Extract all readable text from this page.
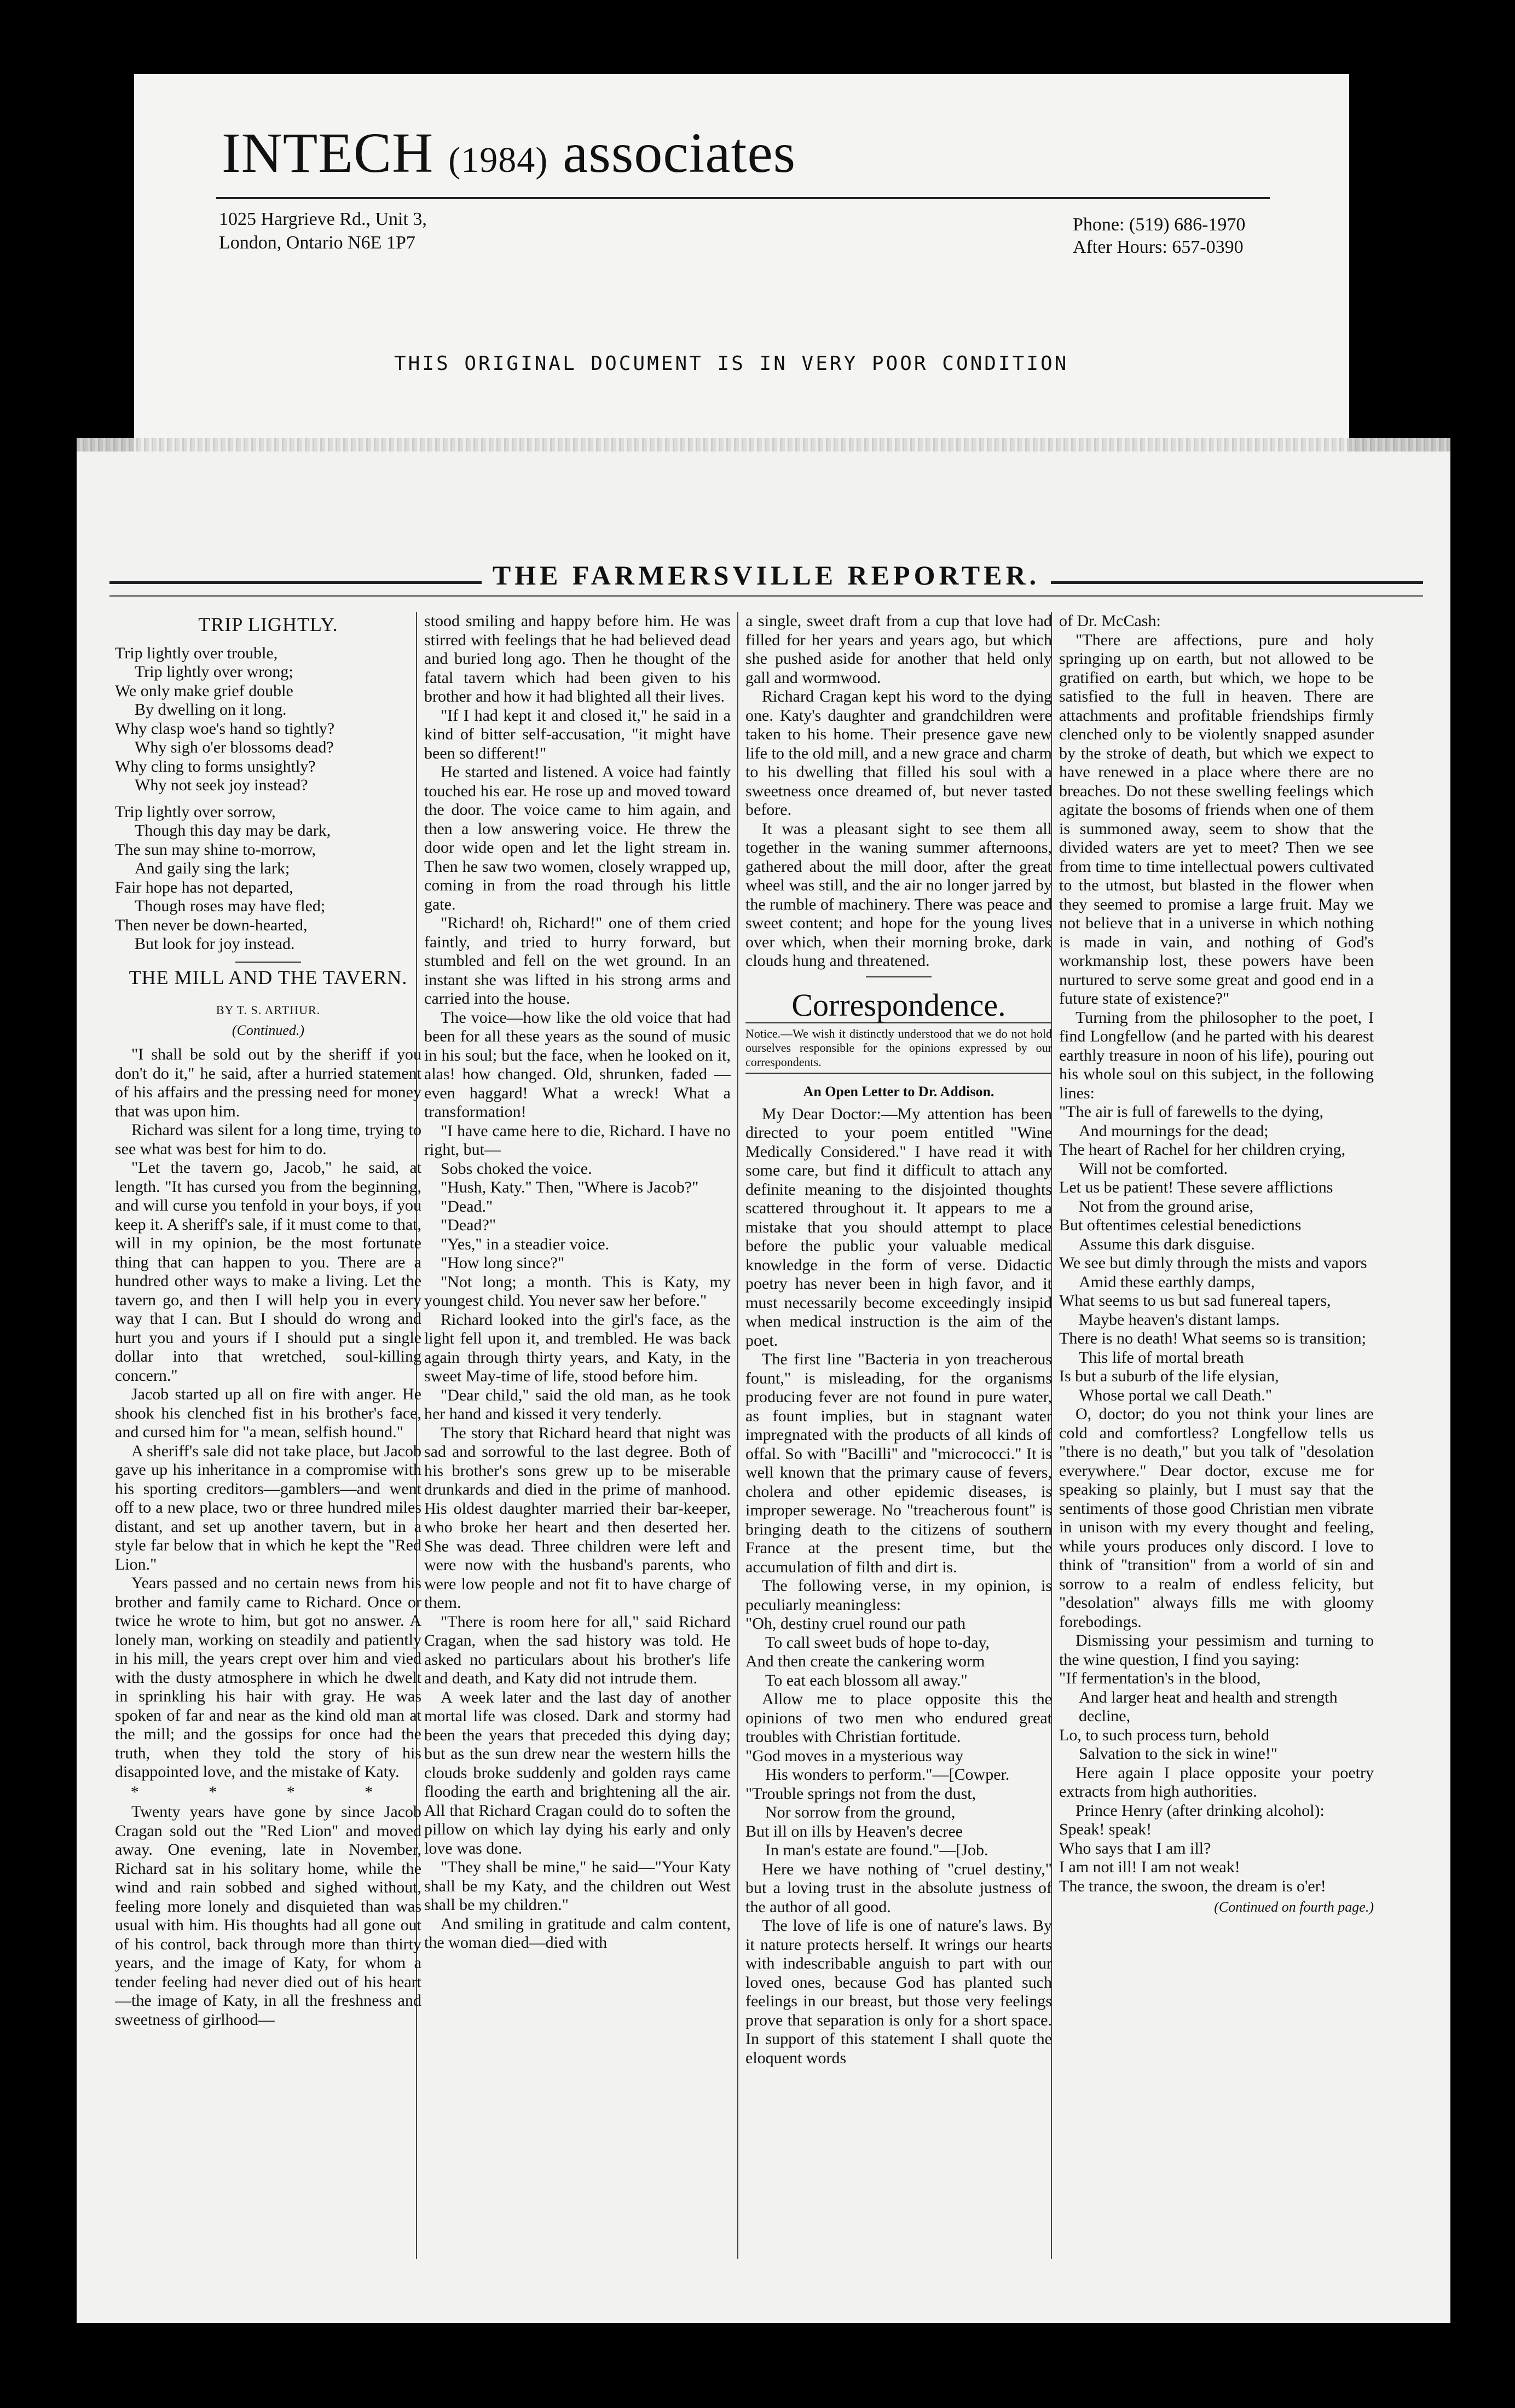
INTECH (1984) associates
1025 Hargrieve Rd., Unit 3,
London, Ontario N6E 1P7
Phone: (519) 686-1970
After Hours: 657-0390
THIS ORIGINAL DOCUMENT IS IN VERY POOR CONDITION
THE FARMERSVILLE REPORTER.
TRIP LIGHTLY.
Trip lightly over trouble,
Trip lightly over wrong;
We only make grief double
By dwelling on it long.
Why clasp woe's hand so tightly?
Why sigh o'er blossoms dead?
Why cling to forms unsightly?
Why not seek joy instead?
Trip lightly over sorrow,
Though this day may be dark,
The sun may shine to-morrow,
And gaily sing the lark;
Fair hope has not departed,
Though roses may have fled;
Then never be down-hearted,
But look for joy instead.
THE MILL AND THE TAVERN.
BY T. S. ARTHUR.
(Continued.)
"I shall be sold out by the sheriff if you don't do it," he said, after a hurried statement of his affairs and the pressing need for money that was upon him.
Richard was silent for a long time, trying to see what was best for him to do.
"Let the tavern go, Jacob," he said, at length. "It has cursed you from the beginning, and will curse you tenfold in your boys, if you keep it. A sheriff's sale, if it must come to that, will in my opinion, be the most fortunate thing that can happen to you. There are a hundred other ways to make a living. Let the tavern go, and then I will help you in every way that I can. But I should do wrong and hurt you and yours if I should put a single dollar into that wretched, soul-killing concern."
Jacob started up all on fire with anger. He shook his clenched fist in his brother's face, and cursed him for "a mean, selfish hound."
A sheriff's sale did not take place, but Jacob gave up his inheritance in a compromise with his sporting creditors—gamblers—and went off to a new place, two or three hundred miles distant, and set up another tavern, but in a style far below that in which he kept the "Red Lion."
Years passed and no certain news from his brother and family came to Richard. Once or twice he wrote to him, but got no answer. A lonely man, working on steadily and patiently in his mill, the years crept over him and vied with the dusty atmosphere in which he dwelt in sprinkling his hair with gray. He was spoken of far and near as the kind old man at the mill; and the gossips for once had the truth, when they told the story of his disappointed love, and the mistake of Katy.
* * * *
Twenty years have gone by since Jacob Cragan sold out the "Red Lion" and moved away. One evening, late in November, Richard sat in his solitary home, while the wind and rain sobbed and sighed without, feeling more lonely and disquieted than was usual with him. His thoughts had all gone out of his control, back through more than thirty years, and the image of Katy, for whom a tender feeling had never died out of his heart—the image of Katy, in all the freshness and sweetness of girlhood—
stood smiling and happy before him. He was stirred with feelings that he had believed dead and buried long ago. Then he thought of the fatal tavern which had been given to his brother and how it had blighted all their lives.
"If I had kept it and closed it," he said in a kind of bitter self-accusation, "it might have been so different!"
He started and listened. A voice had faintly touched his ear. He rose up and moved toward the door. The voice came to him again, and then a low answering voice. He threw the door wide open and let the light stream in. Then he saw two women, closely wrapped up, coming in from the road through his little gate.
"Richard! oh, Richard!" one of them cried faintly, and tried to hurry forward, but stumbled and fell on the wet ground. In an instant she was lifted in his strong arms and carried into the house.
The voice—how like the old voice that had been for all these years as the sound of music in his soul; but the face, when he looked on it, alas! how changed. Old, shrunken, faded —even haggard! What a wreck! What a transformation!
"I have came here to die, Richard. I have no right, but—
Sobs choked the voice.
"Hush, Katy." Then, "Where is Jacob?"
"Dead."
"Dead?"
"Yes," in a steadier voice.
"How long since?"
"Not long; a month. This is Katy, my youngest child. You never saw her before."
Richard looked into the girl's face, as the light fell upon it, and trembled. He was back again through thirty years, and Katy, in the sweet May-time of life, stood before him.
"Dear child," said the old man, as he took her hand and kissed it very tenderly.
The story that Richard heard that night was sad and sorrowful to the last degree. Both of his brother's sons grew up to be miserable drunkards and died in the prime of manhood. His oldest daughter married their bar-keeper, who broke her heart and then deserted her. She was dead. Three children were left and were now with the husband's parents, who were low people and not fit to have charge of them.
"There is room here for all," said Richard Cragan, when the sad history was told. He asked no particulars about his brother's life and death, and Katy did not intrude them.
A week later and the last day of another mortal life was closed. Dark and stormy had been the years that preceded this dying day; but as the sun drew near the western hills the clouds broke suddenly and golden rays came flooding the earth and brightening all the air. All that Richard Cragan could do to soften the pillow on which lay dying his early and only love was done.
"They shall be mine," he said—"Your Katy shall be my Katy, and the children out West shall be my children."
And smiling in gratitude and calm content, the woman died—died with
a single, sweet draft from a cup that love had filled for her years and years ago, but which she pushed aside for another that held only gall and wormwood.
Richard Cragan kept his word to the dying one. Katy's daughter and grandchildren were taken to his home. Their presence gave new life to the old mill, and a new grace and charm to his dwelling that filled his soul with a sweetness once dreamed of, but never tasted before.
It was a pleasant sight to see them all together in the waning summer afternoons, gathered about the mill door, after the great wheel was still, and the air no longer jarred by the rumble of machinery. There was peace and sweet content; and hope for the young lives over which, when their morning broke, dark clouds hung and threatened.
Correspondence.
Notice.—We wish it distinctly understood that we do not hold ourselves responsible for the opinions expressed by our correspondents.
An Open Letter to Dr. Addison.
My Dear Doctor:—My attention has been directed to your poem entitled "Wine Medically Considered." I have read it with some care, but find it difficult to attach any definite meaning to the disjointed thoughts scattered throughout it. It appears to me a mistake that you should attempt to place before the public your valuable medical knowledge in the form of verse. Didactic poetry has never been in high favor, and it must necessarily become exceedingly insipid when medical instruction is the aim of the poet.
The first line "Bacteria in yon treacherous fount," is misleading, for the organisms producing fever are not found in pure water, as fount implies, but in stagnant water impregnated with the products of all kinds of offal. So with "Bacilli" and "micrococci." It is well known that the primary cause of fevers, cholera and other epidemic diseases, is improper sewerage. No "treacherous fount" is bringing death to the citizens of southern France at the present time, but the accumulation of filth and dirt is.
The following verse, in my opinion, is peculiarly meaningless:
"Oh, destiny cruel round our path
To call sweet buds of hope to-day,
And then create the cankering worm
To eat each blossom all away."
Allow me to place opposite this the opinions of two men who endured great troubles with Christian fortitude.
"God moves in a mysterious way
His wonders to perform."—[Cowper.
"Trouble springs not from the dust,
Nor sorrow from the ground,
But ill on ills by Heaven's decree
In man's estate are found."—[Job.
Here we have nothing of "cruel destiny," but a loving trust in the absolute justness of the author of all good.
The love of life is one of nature's laws. By it nature protects herself. It wrings our hearts with indescribable anguish to part with our loved ones, because God has planted such feelings in our breast, but those very feelings prove that separation is only for a short space. In support of this statement I shall quote the eloquent words
of Dr. McCash:
"There are affections, pure and holy springing up on earth, but not allowed to be gratified on earth, but which, we hope to be satisfied to the full in heaven. There are attachments and profitable friendships firmly clenched only to be violently snapped asunder by the stroke of death, but which we expect to have renewed in a place where there are no breaches. Do not these swelling feelings which agitate the bosoms of friends when one of them is summoned away, seem to show that the divided waters are yet to meet? Then we see from time to time intellectual powers cultivated to the utmost, but blasted in the flower when they seemed to promise a large fruit. May we not believe that in a universe in which nothing is made in vain, and nothing of God's workmanship lost, these powers have been nurtured to serve some great and good end in a future state of existence?"
Turning from the philosopher to the poet, I find Longfellow (and he parted with his dearest earthly treasure in noon of his life), pouring out his whole soul on this subject, in the following lines:
"The air is full of farewells to the dying,
And mournings for the dead;
The heart of Rachel for her children crying,
Will not be comforted.
Let us be patient! These severe afflictions
Not from the ground arise,
But oftentimes celestial benedictions
Assume this dark disguise.
We see but dimly through the mists and vapors
Amid these earthly damps,
What seems to us but sad funereal tapers,
Maybe heaven's distant lamps.
There is no death! What seems so is transition;
This life of mortal breath
Is but a suburb of the life elysian,
Whose portal we call Death."
O, doctor; do you not think your lines are cold and comfortless? Longfellow tells us "there is no death," but you talk of "desolation everywhere." Dear doctor, excuse me for speaking so plainly, but I must say that the sentiments of those good Christian men vibrate in unison with my every thought and feeling, while yours produces only discord. I love to think of "transition" from a world of sin and sorrow to a realm of endless felicity, but "desolation" always fills me with gloomy forebodings.
Dismissing your pessimism and turning to the wine question, I find you saying:
"If fermentation's in the blood,
And larger heat and health and strength decline,
Lo, to such process turn, behold
Salvation to the sick in wine!"
Here again I place opposite your poetry extracts from high authorities.
Prince Henry (after drinking alcohol):
Speak! speak!
Who says that I am ill?
I am not ill! I am not weak!
The trance, the swoon, the dream is o'er!
(Continued on fourth page.)
